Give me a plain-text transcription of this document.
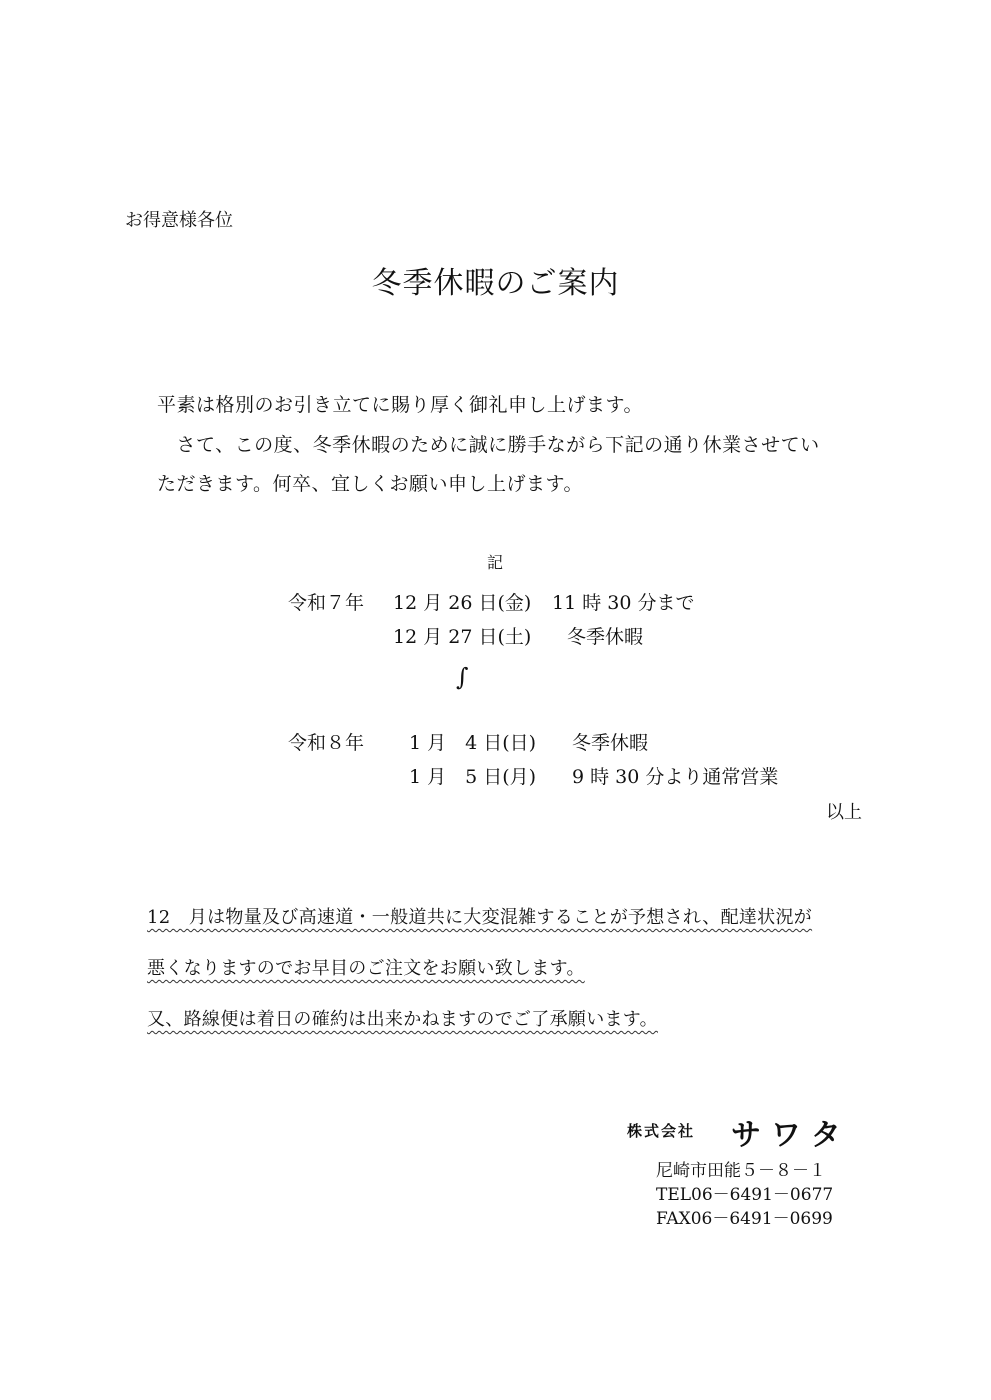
お得意様各位
冬季休暇のご案内
平素は格別のお引き立てに賜り厚く御礼申し上げます。
　さて、この度、冬季休暇のために誠に勝手ながら下記の通り休業させてい
ただきます。何卒、宜しくお願い申し上げます。
記
令和７年 12 月 26 日(金) 11 時 30 分まで
12 月 27 日(土) 冬季休暇
∫
令和８年 1 月　4 日(日) 冬季休暇
1 月　5 日(月) 9 時 30 分より通常営業
以上
12　月は物量及び高速道・一般道共に大変混雑することが予想され、配達状況が
悪くなりますのでお早目のご注文をお願い致します。
又、路線便は着日の確約は出来かねますのでご了承願います。
株式会社 サワタ
尼崎市田能５－８－１
TEL06－6491－0677
FAX06－6491－0699
